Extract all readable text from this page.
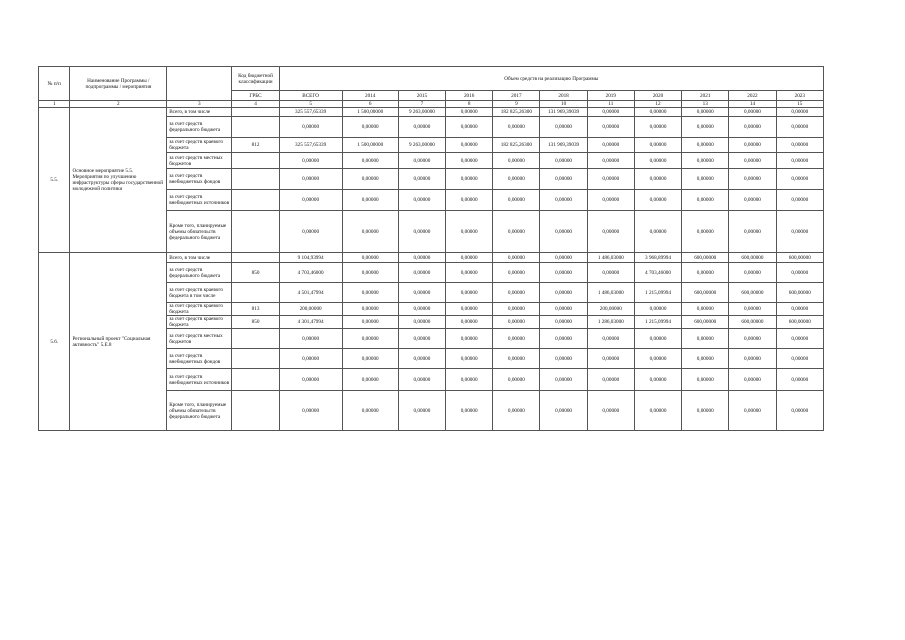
№ п/п	Наименование Программы / подпрограммы / мероприятия		Код бюджетной классификации	Объем средств на реализацию Программы										
			ГРБС	ВСЕГО	2014	2015	2016	2017	2018	2019	2020	2021	2022	2023
1	2	3	4	5	6	7	8	9	10	11	12	13	14	15
5.5.	Основное мероприятие 5.5. Мероприятия по улучшению инфраструктуры сферы государственной молодежной политики	Всего, в том числе		325 557,65339	1 500,00000	9 263,00000	0,00000	182 825,26300	131 969,39039	0,00000	0,00000	0,00000	0,00000	0,00000
		за счет средств федерального бюджета		0,00000	0,00000	0,00000	0,00000	0,00000	0,00000	0,00000	0,00000	0,00000	0,00000	0,00000
		за счет средств краевого бюджета	812	325 557,65339	1 500,00000	9 263,00000	0,00000	182 825,26300	131 969,39039	0,00000	0,00000	0,00000	0,00000	0,00000
		за счет средств местных бюджетов		0,00000	0,00000	0,00000	0,00000	0,00000	0,00000	0,00000	0,00000	0,00000	0,00000	0,00000
		за счет средств внебюджетных фондов		0,00000	0,00000	0,00000	0,00000	0,00000	0,00000	0,00000	0,00000	0,00000	0,00000	0,00000
		за счет средств внебюджетных источников		0,00000	0,00000	0,00000	0,00000	0,00000	0,00000	0,00000	0,00000	0,00000	0,00000	0,00000
		Кроме того, планируемые объемы обязательств федерального бюджета		0,00000	0,00000	0,00000	0,00000	0,00000	0,00000	0,00000	0,00000	0,00000	0,00000	0,00000
5.6.	Региональный проект "Социальная активность" 5.Е.8	Всего, в том числе		9 104,93994	0,00000	0,00000	0,00000	0,00000	0,00000	1 486,03000	3 968,89994	600,00000	600,00000	600,00000
		за счет средств федерального бюджета	850	4 703,46000	0,00000	0,00000	0,00000	0,00000	0,00000	0,00000	4 703,46000	0,00000	0,00000	0,00000
		за счет средств краевого бюджета в том числе		4 501,47994	0,00000	0,00000	0,00000	0,00000	0,00000	1 486,03000	1 215,09994	600,00000	600,00000	600,00000
		за счет средств краевого бюджета	813	200,00000	0,00000	0,00000	0,00000	0,00000	0,00000	200,00000	0,00000	0,00000	0,00000	0,00000
		за счет средств краевого бюджета	850	4 301,47994	0,00000	0,00000	0,00000	0,00000	0,00000	1 286,03000	1 215,09994	600,00000	600,00000	600,00000
		за счет средств местных бюджетов		0,00000	0,00000	0,00000	0,00000	0,00000	0,00000	0,00000	0,00000	0,00000	0,00000	0,00000
		за счет средств внебюджетных фондов		0,00000	0,00000	0,00000	0,00000	0,00000	0,00000	0,00000	0,00000	0,00000	0,00000	0,00000
		за счет средств внебюджетных источников		0,00000	0,00000	0,00000	0,00000	0,00000	0,00000	0,00000	0,00000	0,00000	0,00000	0,00000
		Кроме того, планируемые объемы обязательств федерального бюджета		0,00000	0,00000	0,00000	0,00000	0,00000	0,00000	0,00000	0,00000	0,00000	0,00000	0,00000
